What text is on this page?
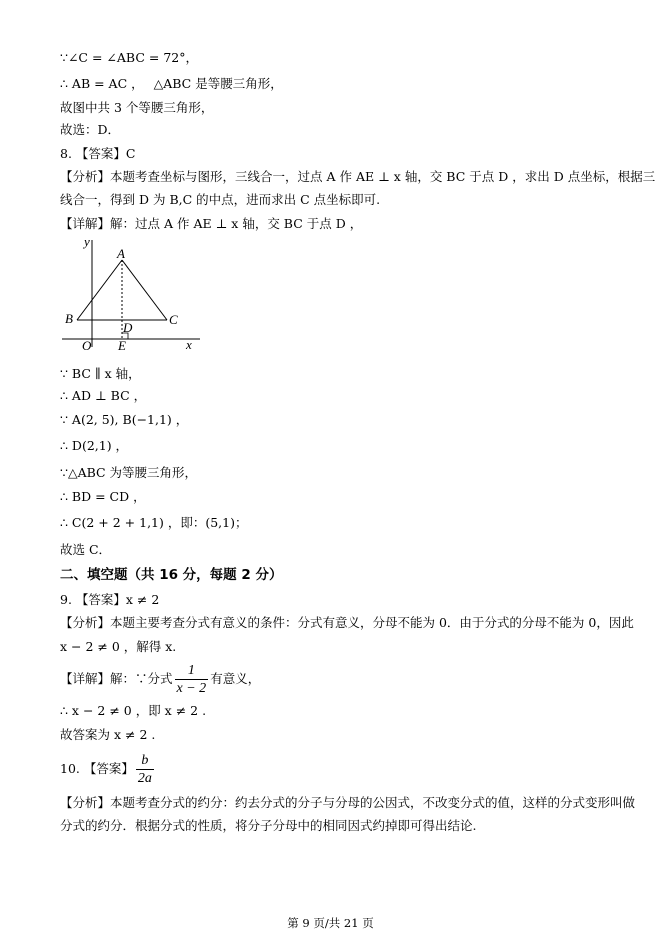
∵∠C = ∠ABC = 72°，
∴ AB = AC ， △ABC 是等腰三角形，
故图中共 3 个等腰三角形，
故选：D．
8. 【答案】C
【分析】本题考查坐标与图形，三线合一，过点 A 作 AE ⊥ x 轴，交 BC 于点 D ，求出 D 点坐标，根据三
线合一，得到 D 为 B,C 的中点，进而求出 C 点坐标即可.
【详解】解：过点 A 作 AE ⊥ x 轴，交 BC 于点 D ，
y
A
B	C
D
O E	x
∵ BC ∥ x 轴，
∴ AD ⊥ BC ，
∵ A(2, 5), B(−1,1) ，
∴ D(2,1) ，
∵△ABC 为等腰三角形，
∴ BD = CD ，
∴ C(2 + 2 + 1,1) ，即：(5,1)；
故选 C．
二、填空题（共 16 分，每题 2 分）
9. 【答案】x ≠ 2
【分析】本题主要考查分式有意义的条件：分式有意义，分母不能为 0．由于分式的分母不能为 0，因此
x − 2 ≠ 0 ，解得 x.
【详解】解：∵分式 $\frac{1}{x - 2}$ 有意义，
∴ x − 2 ≠ 0 ，即 x ≠ 2 .
故答案为 x ≠ 2 .
10. 【答案】 $\frac{b}{2a}$
【分析】本题考查分式的约分：约去分式的分子与分母的公因式，不改变分式的值，这样的分式变形叫做
分式的约分．根据分式的性质，将分子分母中的相同因式约掉即可得出结论.
第 9 页/共 21 页
